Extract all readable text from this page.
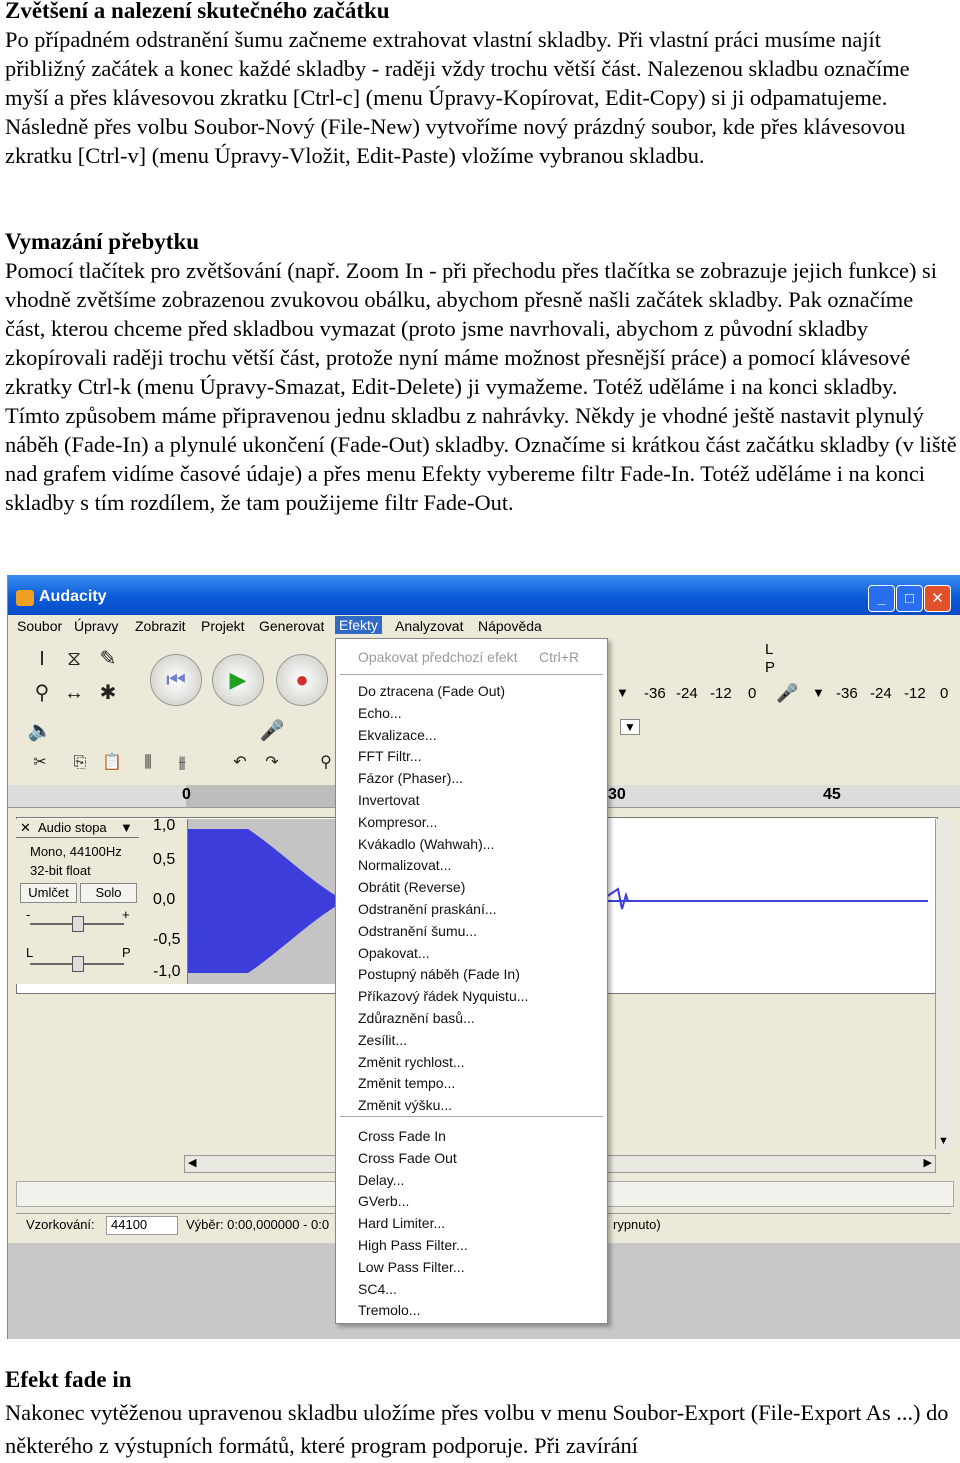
Zvětšení a nalezení skutečného začátku

Po případném odstranění šumu začneme extrahovat vlastní skladby. Při vlastní práci musíme najít přibližný začátek a konec každé skladby - raději vždy trochu větší část. Nalezenou skladbu označíme myší a přes klávesovou zkratku [Ctrl-c] (menu Úpravy-Kopírovat, Edit-Copy) si ji odpamatujeme. Následně přes volbu Soubor-Nový (File-New) vytvoříme nový prázdný soubor, kde přes klávesovou zkratku [Ctrl-v] (menu Úpravy-Vložit, Edit-Paste) vložíme vybranou skladbu.

Vymazání přebytku

Pomocí tlačítek pro zvětšování (např. Zoom In - při přechodu přes tlačítka se zobrazuje jejich funkce) si vhodně zvětšíme zobrazenou zvukovou obálku, abychom přesně našli začátek skladby. Pak označíme část, kterou chceme před skladbou vymazat (proto jsme navrhovali, abychom z původní skladby zkopírovali raději trochu větší část, protože nyní máme možnost přesnější práce) a pomocí klávesové zkratky Ctrl-k (menu Úpravy-Smazat, Edit-Delete) ji vymažeme. Totéž uděláme i na konci skladby.

Tímto způsobem máme připravenou jednu skladbu z nahrávky. Někdy je vhodné ještě nastavit plynulý náběh (Fade-In) a plynulé ukončení (Fade-Out) skladby. Označíme si krátkou část začátku skladby (v liště nad grafem vidíme časové údaje) a přes menu Efekty vybereme filtr Fade-In. Totéž uděláme i na konci skladby s tím rozdílem, že tam použijeme filtr Fade-Out.

Audacity	_	□	✕
Soubor Úpravy Zobrazit Projekt Generovat Efekty Analyzovat Nápověda
I	⧖ ✎
⚲ ↔ ✱
⏮	▶	●
🔈	🎤
✂	⎘ 📋	⫼	⫵	↶	↷	⚲
L
P
▼ -36 -24 -12 0 🎤 ▼ -36 -24 -12 0
▼
0	30	45
✕ Audio stopa ▼
Mono, 44100Hz
32-bit float
Umlčet	Solo
-	+
L	P
1,0
0,5
0,0
-0,5
-1,0
▼
◀	▶
Vzorkování: 44100	Výběr: 0:00,000000 - 0:0	rypnuto)
Opakovat předchozí efekt Ctrl+R
Do ztracena (Fade Out)
Echo...
Ekvalizace...
FFT Filtr...
Fázor (Phaser)...
Invertovat
Kompresor...
Kvákadlo (Wahwah)...
Normalizovat...
Obrátit (Reverse)
Odstranění praskání...
Odstranění šumu...
Opakovat...
Postupný náběh (Fade In)
Příkazový řádek Nyquistu...
Zdůraznění basů...
Zesílit...
Změnit rychlost...
Změnit tempo...
Změnit výšku...
Cross Fade In
Cross Fade Out
Delay...
GVerb...
Hard Limiter...
High Pass Filter...
Low Pass Filter...
SC4...
Tremolo...
Efekt fade in

Nakonec vytěženou upravenou skladbu uložíme přes volbu v menu Soubor-Export (File-Export As ...) do některého z výstupních formátů, které program podporuje. Při zavírání
